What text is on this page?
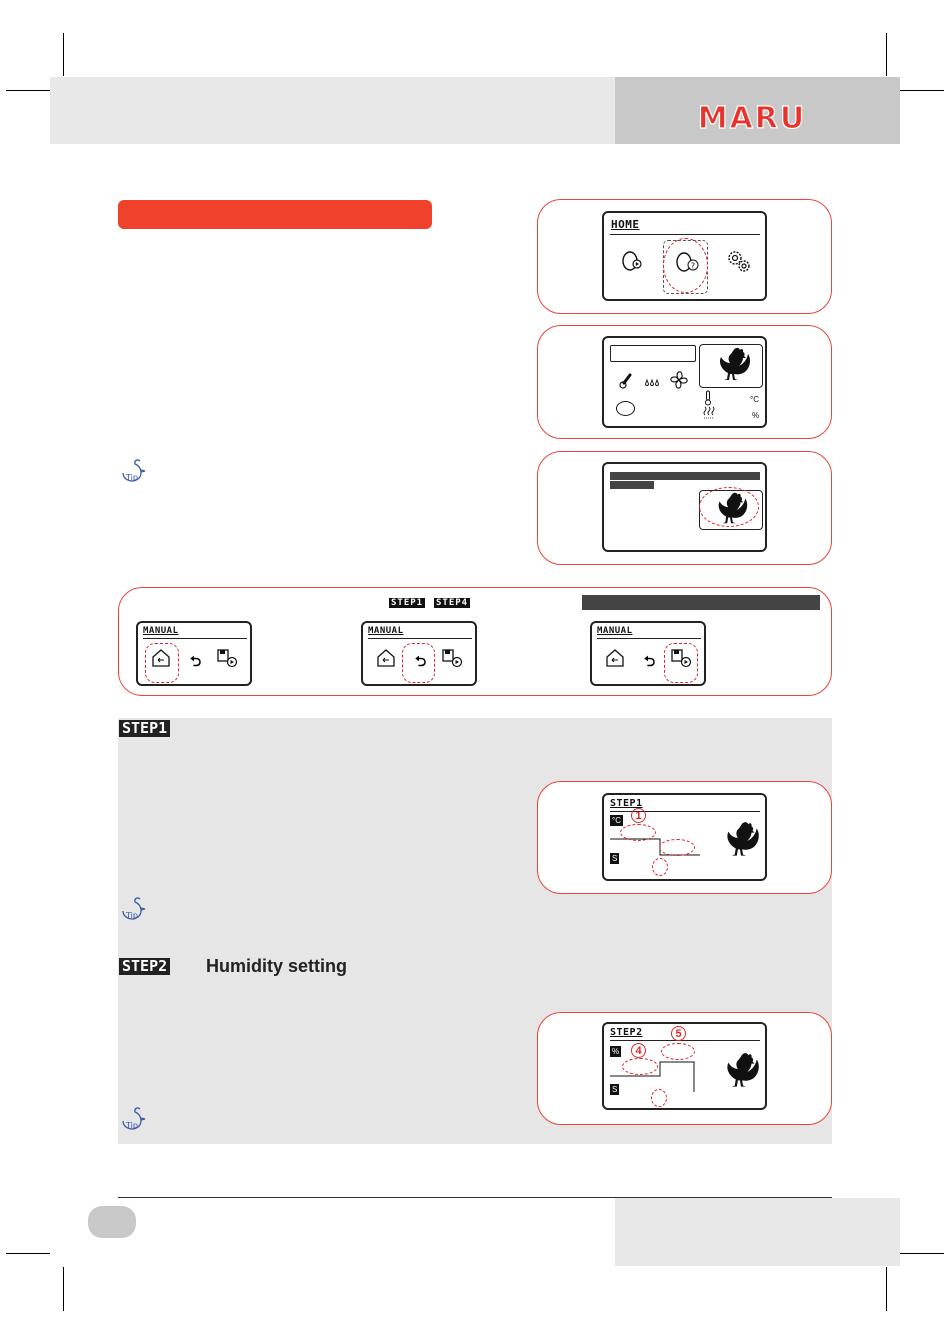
MARU
HOME
?
°C
%
Tip
STEP1 STEP4
MANUAL
⮌
MANUAL
⮌
MANUAL
⮌
STEP1
STEP1
°C
S
1
Tip
STEP2 Humidity setting
STEP2
%
S
4
5
Tip
